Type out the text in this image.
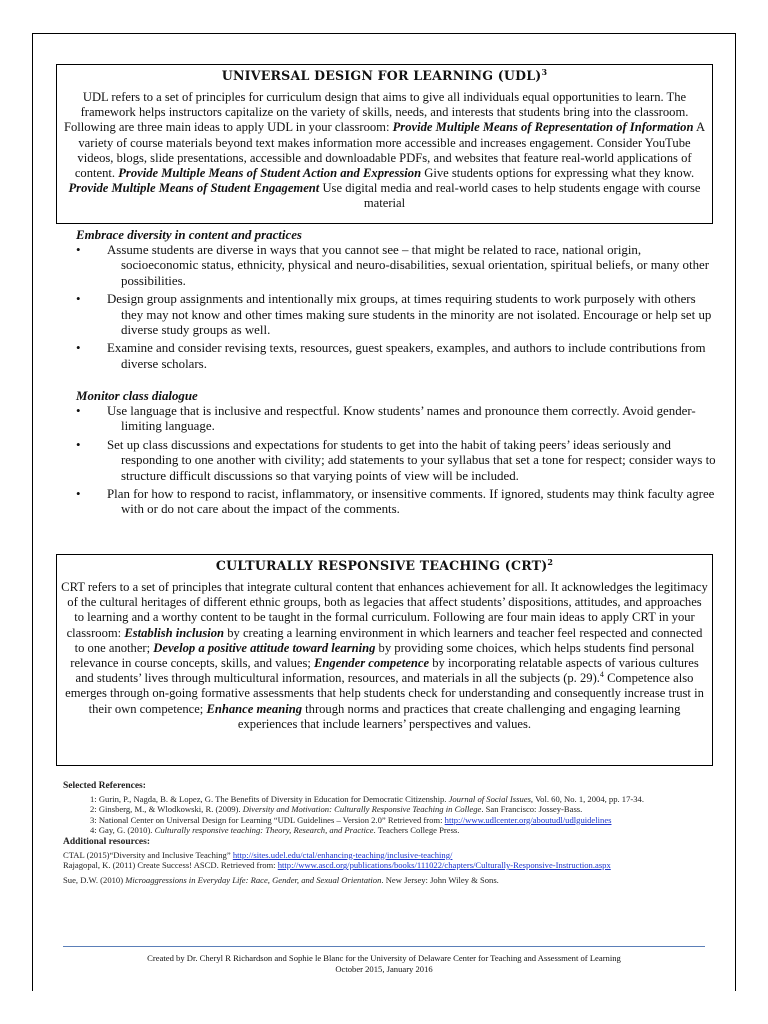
UNIVERSAL DESIGN FOR LEARNING (UDL)$^3$

UDL refers to a set of principles for curriculum design that aims to give all individuals equal opportunities to learn. The framework helps instructors capitalize on the variety of skills, needs, and interests that students bring into the classroom. Following are three main ideas to apply UDL in your classroom: Provide Multiple Means of Representation of Information A variety of course materials beyond text makes information more accessible and increases engagement. Consider YouTube videos, blogs, slide presentations, accessible and downloadable PDFs, and websites that feature real-world applications of content. Provide Multiple Means of Student Action and Expression Give students options for expressing what they know. Provide Multiple Means of Student Engagement Use digital media and real-world cases to help students engage with course material

Embrace diversity in content and practices

•	Assume students are diverse in ways that you cannot see – that might be related to race, national origin, socioeconomic status, ethnicity, physical and neuro-disabilities, sexual orientation, spiritual beliefs, or many other possibilities.
•	Design group assignments and intentionally mix groups, at times requiring students to work purposely with others they may not know and other times making sure students in the minority are not isolated. Encourage or help set up diverse study groups as well.
•	Examine and consider revising texts, resources, guest speakers, examples, and authors to include contributions from diverse scholars.

Monitor class dialogue

•	Use language that is inclusive and respectful. Know students’ names and pronounce them correctly. Avoid gender-limiting language.
•	Set up class discussions and expectations for students to get into the habit of taking peers’ ideas seriously and responding to one another with civility; add statements to your syllabus that set a tone for respect; consider ways to structure difficult discussions so that varying points of view will be included.
•	Plan for how to respond to racist, inflammatory, or insensitive comments. If ignored, students may think faculty agree with or do not care about the impact of the comments.
CULTURALLY RESPONSIVE TEACHING (CRT)$^2$

CRT refers to a set of principles that integrate cultural content that enhances achievement for all. It acknowledges the legitimacy of the cultural heritages of different ethnic groups, both as legacies that affect students’ dispositions, attitudes, and approaches to learning and a worthy content to be taught in the formal curriculum. Following are four main ideas to apply CRT in your classroom: Establish inclusion by creating a learning environment in which learners and teacher feel respected and connected to one another; Develop a positive attitude toward learning by providing some choices, which helps students find personal relevance in course concepts, skills, and values; Engender competence by incorporating relatable aspects of various cultures and students’ lives through multicultural information, resources, and materials in all the subjects (p. 29).$^4$ Competence also emerges through on-going formative assessments that help students check for understanding and consequently increase trust in their own competence; Enhance meaning through norms and practices that create challenging and engaging learning experiences that include learners’ perspectives and values.

Selected References:

1: Gurin, P., Nagda, B. & Lopez, G. The Benefits of Diversity in Education for Democratic Citizenship. Journal of Social Issues, Vol. 60, No. 1, 2004, pp. 17-34.

2: Ginsberg, M., & Wlodkowski, R. (2009). Diversity and Motivation: Culturally Responsive Teaching in College. San Francisco: Jossey-Bass.

3: National Center on Universal Design for Learning “UDL Guidelines – Version 2.0” Retrieved from: http://www.udlcenter.org/aboutudl/udlguidelines

4: Gay, G. (2010). Culturally responsive teaching: Theory, Research, and Practice. Teachers College Press.

Additional resources:

CTAL (2015)“Diversity and Inclusive Teaching” http://sites.udel.edu/ctal/enhancing-teaching/inclusive-teaching/

Rajagopal, K. (2011) Create Success! ASCD. Retrieved from: http://www.ascd.org/publications/books/111022/chapters/Culturally-Responsive-Instruction.aspx

Sue, D.W. (2010) Microaggressions in Everyday Life: Race, Gender, and Sexual Orientation. New Jersey: John Wiley & Sons.

Created by Dr. Cheryl R Richardson and Sophie le Blanc for the University of Delaware Center for Teaching and Assessment of Learning
October 2015, January 2016
